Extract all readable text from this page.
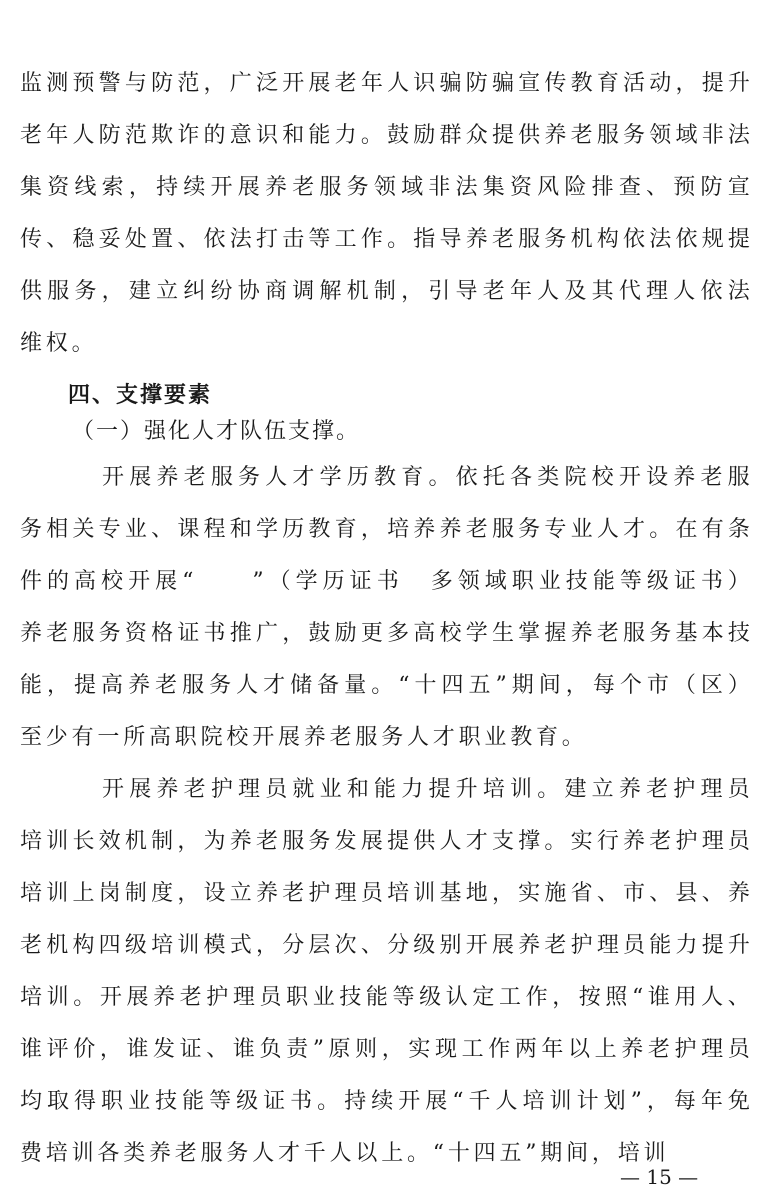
监 测 预 警 与 防 范 ， 广 泛 开 展 老 年 人 识 骗 防 骗 宣 传 教 育 活 动 ， 提 升
老 年 人 防 范 欺 诈 的 意 识 和 能 力 。 鼓 励 群 众 提 供 养 老 服 务 领 域 非 法
集 资 线 索 ， 持 续 开 展 养 老 服 务 领 域 非 法 集 资 风 险 排 查 、 预 防 宣
传 、 稳 妥 处 置 、 依 法 打 击 等 工 作 。 指 导 养 老 服 务 机 构 依 法 依 规 提
供 服 务 ， 建 立 纠 纷 协 商 调 解 机 制 ， 引 导 老 年 人 及 其 代 理 人 依 法
维权。
四、支撑要素
（一）强化人才队伍支撑。
开 展 养 老 服 务 人 才 学 历 教 育 。 依 托 各 类 院 校 开 设 养 老 服
务 相 关 专 业 、 课 程 和 学 历 教 育 ， 培 养 养 老 服 务 专 业 人 才 。 在 有 条
件 的 高 校 开 展 “

　	” （ 学 历 证 书
　 多 领 域 职 业 技 能 等 级 证 书 ）
养 老 服 务 资 格 证 书 推 广 ， 鼓 励 更 多 高 校 学 生 掌 握 养 老 服 务 基 本 技
能 ， 提 高 养 老 服 务 人 才 储 备 量 。 “ 十 四 五 ” 期 间 ， 每 个 市 （ 区 ）
至少有一所高职院校开展养老服务人才职业教育。
开 展 养 老 护 理 员 就 业 和 能 力 提 升 培 训 。 建 立 养 老 护 理 员
培 训 长 效 机 制 ， 为 养 老 服 务 发 展 提 供 人 才 支 撑 。 实 行 养 老 护 理 员
培 训 上 岗 制 度 ， 设 立 养 老 护 理 员 培 训 基 地 ， 实 施 省 、 市 、 县 、 养
老 机 构 四 级 培 训 模 式 ， 分 层 次 、 分 级 别 开 展 养 老 护 理 员 能 力 提 升
培 训 。 开 展 养 老 护 理 员 职 业 技 能 等 级 认 定 工 作 ， 按 照 “ 谁 用 人 、
谁 评 价 ， 谁 发 证 、 谁 负 责 ” 原 则 ， 实 现 工 作 两 年 以 上 养 老 护 理 员
均 取 得 职 业 技 能 等 级 证 书 。 持 续 开 展 “ 千 人 培 训 计 划 ” ， 每 年 免
费培训各类养老服务人才千人以上。“十四五”期间，培训
— 15 —
